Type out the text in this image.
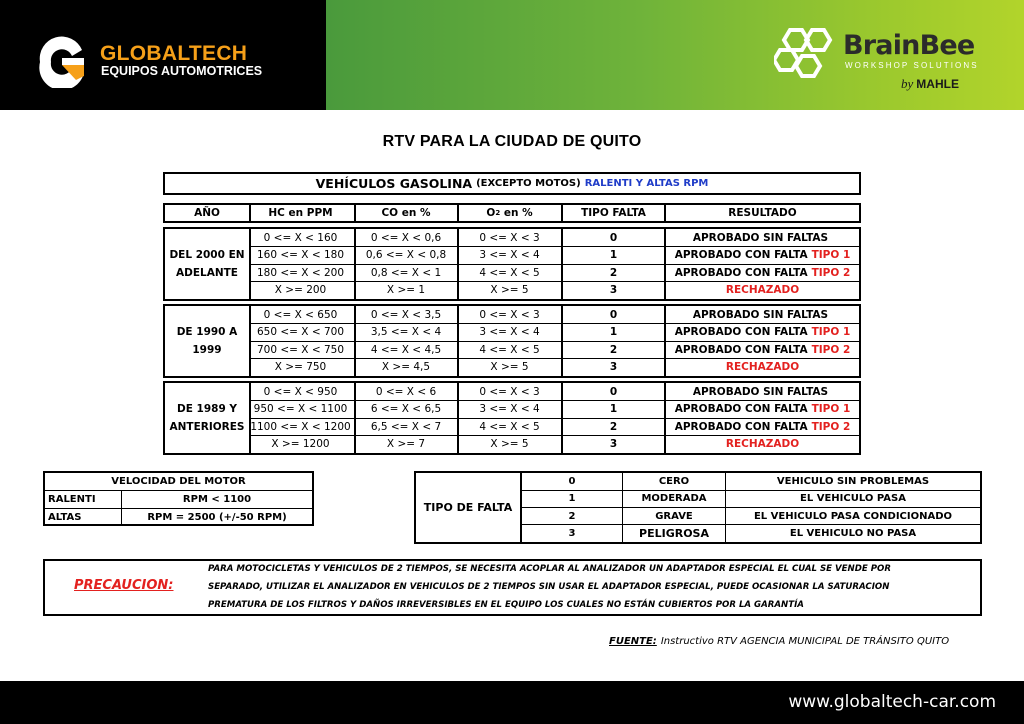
GLOBALTECH
EQUIPOS AUTOMOTRICES
BrainBee
WORKSHOP SOLUTIONS
by MAHLE
RTV PARA LA CIUDAD DE QUITO
VEHÍCULOS GASOLINA (EXCEPTO MOTOS) RALENTI Y ALTAS RPM
AÑO	HC en PPM	CO en %	O 2 en %	TIPO FALTA	RESULTADO
DEL 2000 EN
ADELANTE
0 <= X < 160	0 <= X < 0,6	0 <= X < 3	0	APROBADO SIN FALTAS
160 <= X < 180	0,6 <= X < 0,8	3 <= X < 4	1	APROBADO CON FALTA TIPO 1
180 <= X < 200	0,8 <= X < 1	4 <= X < 5	2	APROBADO CON FALTA TIPO 2
X >= 200	X >= 1	X >= 5	3	RECHAZADO
DE 1990 A
1999
0 <= X < 650	0 <= X < 3,5	0 <= X < 3	0	APROBADO SIN FALTAS
650 <= X < 700	3,5 <= X < 4	3 <= X < 4	1	APROBADO CON FALTA TIPO 1
700 <= X < 750	4 <= X < 4,5	4 <= X < 5	2	APROBADO CON FALTA TIPO 2
X >= 750	X >= 4,5	X >= 5	3	RECHAZADO
DE 1989 Y
ANTERIORES
0 <= X < 950	0 <= X < 6	0 <= X < 3	0	APROBADO SIN FALTAS
950 <= X < 1100	6 <= X < 6,5	3 <= X < 4	1	APROBADO CON FALTA TIPO 1
1100 <= X < 1200	6,5 <= X < 7	4 <= X < 5	2	APROBADO CON FALTA TIPO 2
X >= 1200	X >= 7	X >= 5	3	RECHAZADO
VELOCIDAD DEL MOTOR
RALENTI	RPM < 1100
ALTAS	RPM = 2500 (+/-50 RPM)
TIPO DE FALTA
0	CERO	VEHICULO SIN PROBLEMAS
1	MODERADA	EL VEHICULO PASA
2	GRAVE	EL VEHICULO PASA CONDICIONADO
3	PELIGROSA	EL VEHICULO NO PASA
PRECAUCION:
PARA MOTOCICLETAS Y VEHICULOS DE 2 TIEMPOS, SE NECESITA ACOPLAR AL ANALIZADOR UN ADAPTADOR ESPECIAL EL CUAL SE VENDE POR
SEPARADO, UTILIZAR EL ANALIZADOR EN VEHICULOS DE 2 TIEMPOS SIN USAR EL ADAPTADOR ESPECIAL, PUEDE OCASIONAR LA SATURACION
PREMATURA DE LOS FILTROS Y DAÑOS IRREVERSIBLES EN EL EQUIPO LOS CUALES NO ESTÁN CUBIERTOS POR LA GARANTÍA
FUENTE: Instructivo RTV AGENCIA MUNICIPAL DE TRÁNSITO QUITO
www.globaltech-car.com
